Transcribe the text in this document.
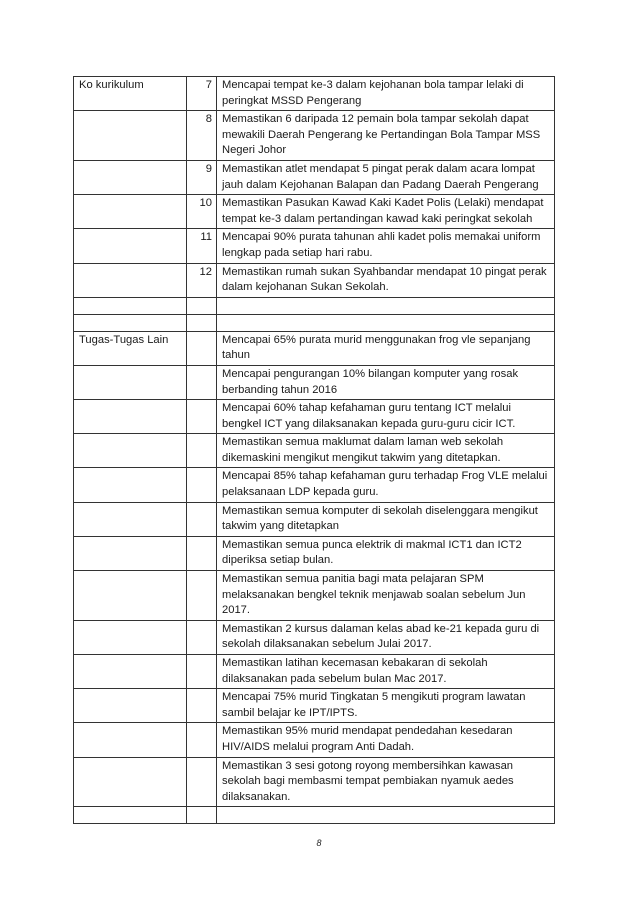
Ko kurikulum	7	Mencapai tempat ke-3 dalam kejohanan bola tampar lelaki di peringkat MSSD Pengerang
	8	Memastikan 6 daripada 12 pemain bola tampar sekolah dapat mewakili Daerah Pengerang ke Pertandingan Bola Tampar MSS Negeri Johor
	9	Memastikan atlet mendapat 5 pingat perak dalam acara lompat jauh dalam Kejohanan Balapan dan Padang Daerah Pengerang
	10	Memastikan Pasukan Kawad Kaki Kadet Polis (Lelaki) mendapat tempat ke-3 dalam pertandingan kawad kaki peringkat sekolah
	11	Mencapai 90% purata tahunan ahli kadet polis memakai uniform lengkap pada setiap hari rabu.
	12	Memastikan rumah sukan Syahbandar mendapat 10 pingat perak dalam kejohanan Sukan Sekolah.

Tugas-Tugas Lain		Mencapai 65% purata murid menggunakan frog vle sepanjang tahun
		Mencapai pengurangan 10% bilangan komputer yang rosak berbanding tahun 2016
		Mencapai 60% tahap kefahaman guru tentang ICT melalui bengkel ICT yang dilaksanakan kepada guru-guru cicir ICT.
		Memastikan semua maklumat dalam laman web sekolah dikemaskini mengikut mengikut takwim yang ditetapkan.
		Mencapai 85% tahap kefahaman guru terhadap Frog VLE melalui pelaksanaan LDP kepada guru.
		Memastikan semua komputer di sekolah diselenggara mengikut takwim yang ditetapkan
		Memastikan semua punca elektrik di makmal ICT1 dan ICT2 diperiksa setiap bulan.
		Memastikan semua panitia bagi mata pelajaran SPM melaksanakan bengkel teknik menjawab soalan sebelum Jun 2017.
		Memastikan 2 kursus dalaman kelas abad ke-21 kepada guru di sekolah dilaksanakan sebelum Julai 2017.
		Memastikan latihan kecemasan kebakaran di sekolah dilaksanakan pada sebelum bulan Mac 2017.
		Mencapai 75% murid Tingkatan 5 mengikuti program lawatan sambil belajar ke IPT/IPTS.
		Memastikan 95% murid mendapat pendedahan kesedaran HIV/AIDS melalui program Anti Dadah.
		Memastikan 3 sesi gotong royong membersihkan kawasan sekolah bagi membasmi tempat pembiakan nyamuk aedes dilaksanakan.

8
